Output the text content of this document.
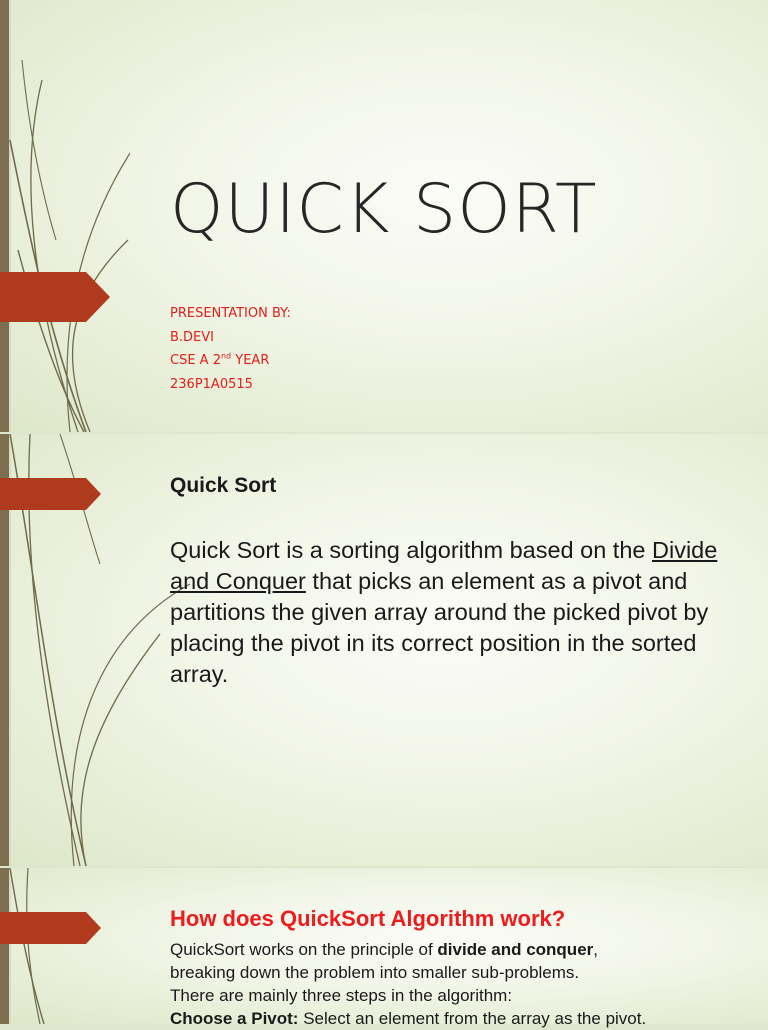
QUICK SORT
PRESENTATION BY:
B.DEVI
CSE A 2nd YEAR
236P1A0515
Quick Sort

Quick Sort is a sorting algorithm based on the Divide and Conquer that picks an element as a pivot and partitions the given array around the picked pivot by placing the pivot in its correct position in the sorted array.

How does QuickSort Algorithm work?

QuickSort works on the principle of divide and conquer,

breaking down the problem into smaller sub-problems.

There are mainly three steps in the algorithm:

Choose a Pivot: Select an element from the array as the pivot.
